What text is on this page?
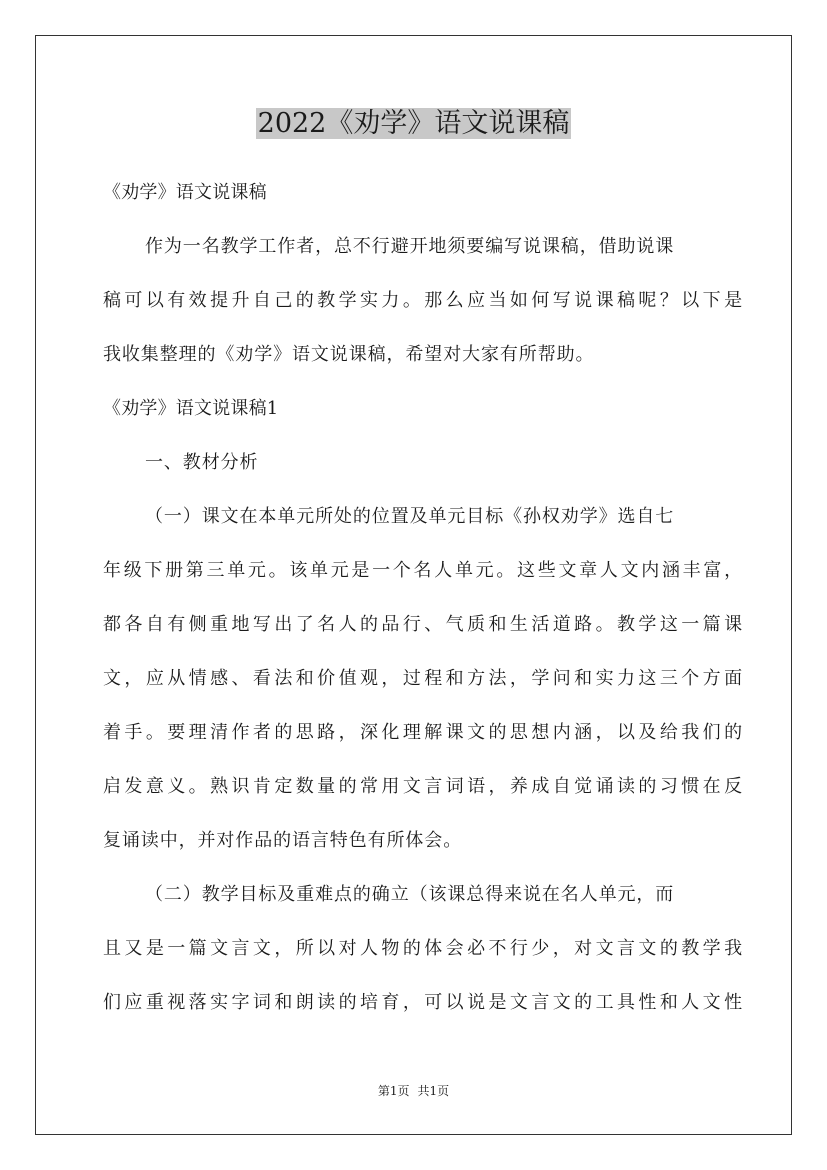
2022《劝学》语文说课稿
《劝学》语文说课稿
作为一名教学工作者，总不行避开地须要编写说课稿，借助说课
稿可以有效提升自己的教学实力。那么应当如何写说课稿呢？以下是
我收集整理的《劝学》语文说课稿，希望对大家有所帮助。
《劝学》语文说课稿1
一、教材分析
（一）课文在本单元所处的位置及单元目标《孙权劝学》选自七
年级下册第三单元。该单元是一个名人单元。这些文章人文内涵丰富，
都各自有侧重地写出了名人的品行、气质和生活道路。教学这一篇课
文，应从情感、看法和价值观，过程和方法，学问和实力这三个方面
着手。要理清作者的思路，深化理解课文的思想内涵，以及给我们的
启发意义。熟识肯定数量的常用文言词语，养成自觉诵读的习惯在反
复诵读中，并对作品的语言特色有所体会。
（二）教学目标及重难点的确立（该课总得来说在名人单元，而
且又是一篇文言文，所以对人物的体会必不行少，对文言文的教学我
们应重视落实字词和朗读的培育，可以说是文言文的工具性和人文性
第1页 共1页
